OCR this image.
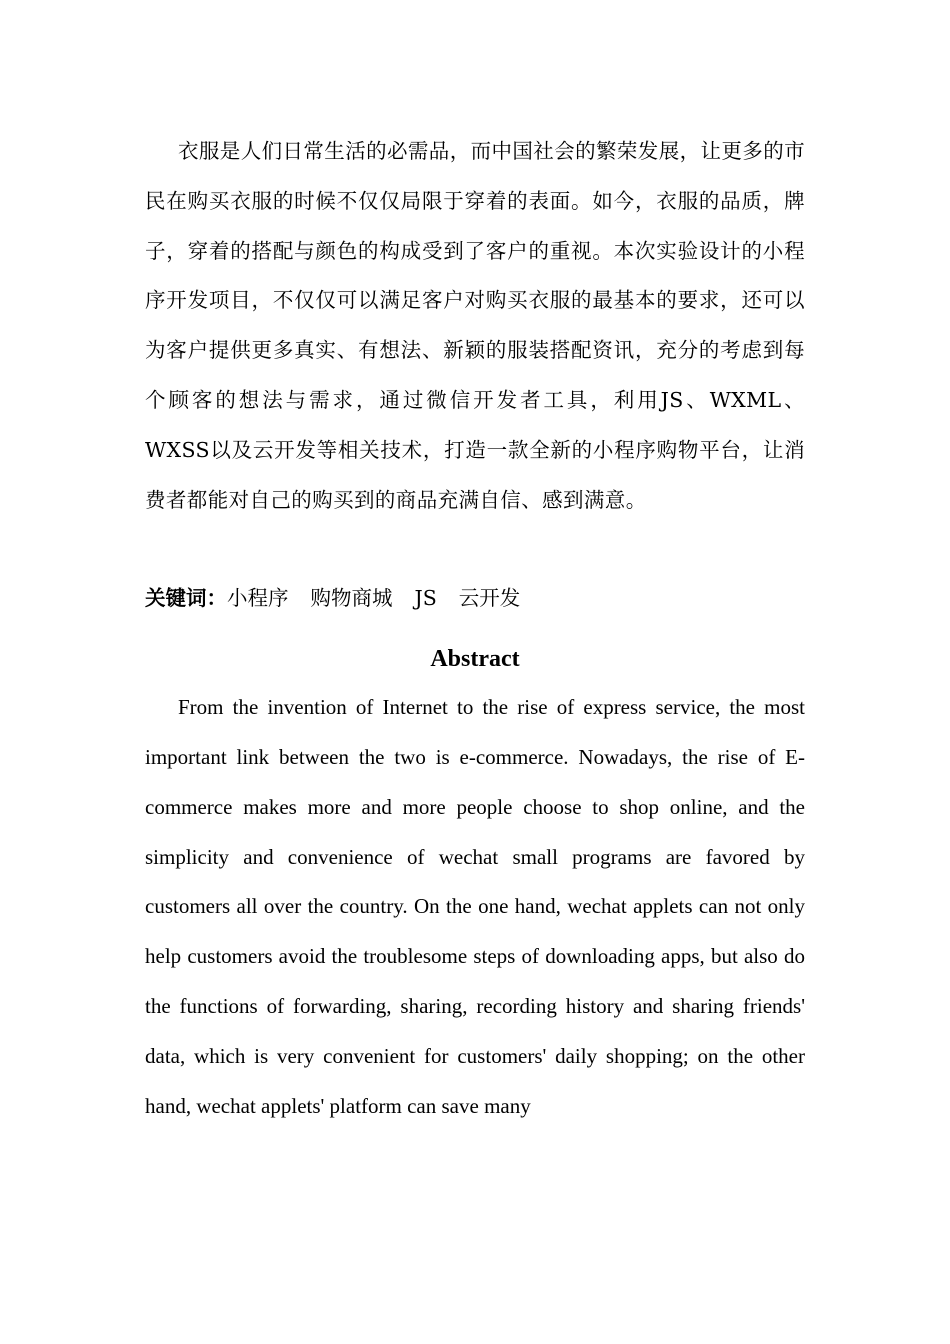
衣服是人们日常生活的必需品，而中国社会的繁荣发展，让更多的市民在购买衣服的时候不仅仅局限于穿着的表面。如今，衣服的品质，牌子，穿着的搭配与颜色的构成受到了客户的重视。本次实验设计的小程序开发项目，不仅仅可以满足客户对购买衣服的最基本的要求，还可以为客户提供更多真实、有想法、新颖的服装搭配资讯，充分的考虑到每个顾客的想法与需求，通过微信开发者工具，利用JS、WXML、WXSS以及云开发等相关技术，打造一款全新的小程序购物平台，让消费者都能对自己的购买到的商品充满自信、感到满意。

关键词：小程序 购物商城 JS 云开发
Abstract

From the invention of Internet to the rise of express service, the most important link between the two is e-commerce. Nowadays, the rise of E-commerce makes more and more people choose to shop online, and the simplicity and convenience of wechat small programs are favored by customers all over the country. On the one hand, wechat applets can not only help customers avoid the troublesome steps of downloading apps, but also do the functions of forwarding, sharing, recording history and sharing friends' data, which is very convenient for customers' daily shopping; on the other hand, wechat applets' platform can save many
